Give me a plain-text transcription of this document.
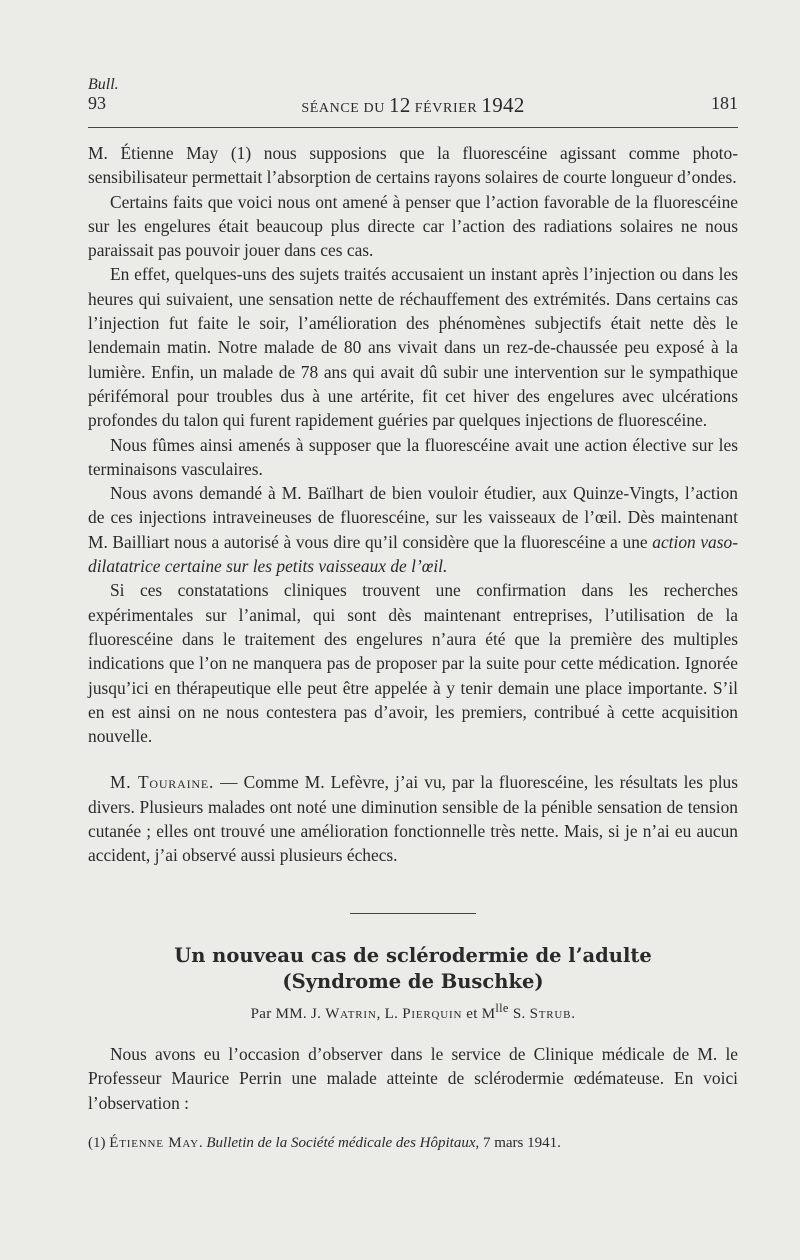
Bull.
93	SÉANCE DU 12 FÉVRIER 1942	181

M. Étienne May (1) nous supposions que la fluorescéine agissant comme photo-sensibilisateur permettait l’absorption de certains rayons solaires de courte longueur d’ondes.

Certains faits que voici nous ont amené à penser que l’action favorable de la fluorescéine sur les engelures était beaucoup plus directe car l’action des radiations solaires ne nous paraissait pas pouvoir jouer dans ces cas.

En effet, quelques-uns des sujets traités accusaient un instant après l’injection ou dans les heures qui suivaient, une sensation nette de réchauffement des extrémités. Dans certains cas l’injection fut faite le soir, l’amélioration des phénomènes subjectifs était nette dès le lendemain matin. Notre malade de 80 ans vivait dans un rez-de-chaussée peu exposé à la lumière. Enfin, un malade de 78 ans qui avait dû subir une intervention sur le sympathique périfémoral pour troubles dus à une artérite, fit cet hiver des engelures avec ulcérations profondes du talon qui furent rapidement guéries par quelques injections de fluorescéine.

Nous fûmes ainsi amenés à supposer que la fluorescéine avait une action élective sur les terminaisons vasculaires.

Nous avons demandé à M. Baïlhart de bien vouloir étudier, aux Quinze-Vingts, l’action de ces injections intraveineuses de fluorescéine, sur les vaisseaux de l’œil. Dès maintenant M. Bailliart nous a autorisé à vous dire qu’il considère que la fluorescéine a une action vaso-dilatatrice certaine sur les petits vaisseaux de l’œil.

Si ces constatations cliniques trouvent une confirmation dans les recherches expérimentales sur l’animal, qui sont dès maintenant entreprises, l’utilisation de la fluorescéine dans le traitement des engelures n’aura été que la première des multiples indications que l’on ne manquera pas de proposer par la suite pour cette médication. Ignorée jusqu’ici en thérapeutique elle peut être appelée à y tenir demain une place importante. S’il en est ainsi on ne nous contestera pas d’avoir, les premiers, contribué à cette acquisition nouvelle.

M. Touraine. — Comme M. Lefèvre, j’ai vu, par la fluorescéine, les résultats les plus divers. Plusieurs malades ont noté une diminution sensible de la pénible sensation de tension cutanée ; elles ont trouvé une amélioration fonctionnelle très nette. Mais, si je n’ai eu aucun accident, j’ai observé aussi plusieurs échecs.

Un nouveau cas de sclérodermie de l’adulte
(Syndrome de Buschke)
Par MM. J. Watrin, L. Pierquin et $M^{lle}$ S. Strub.

Nous avons eu l’occasion d’observer dans le service de Clinique médicale de M. le Professeur Maurice Perrin une malade atteinte de sclérodermie œdémateuse. En voici l’observation :

(1) Étienne May. Bulletin de la Société médicale des Hôpitaux, 7 mars 1941.
